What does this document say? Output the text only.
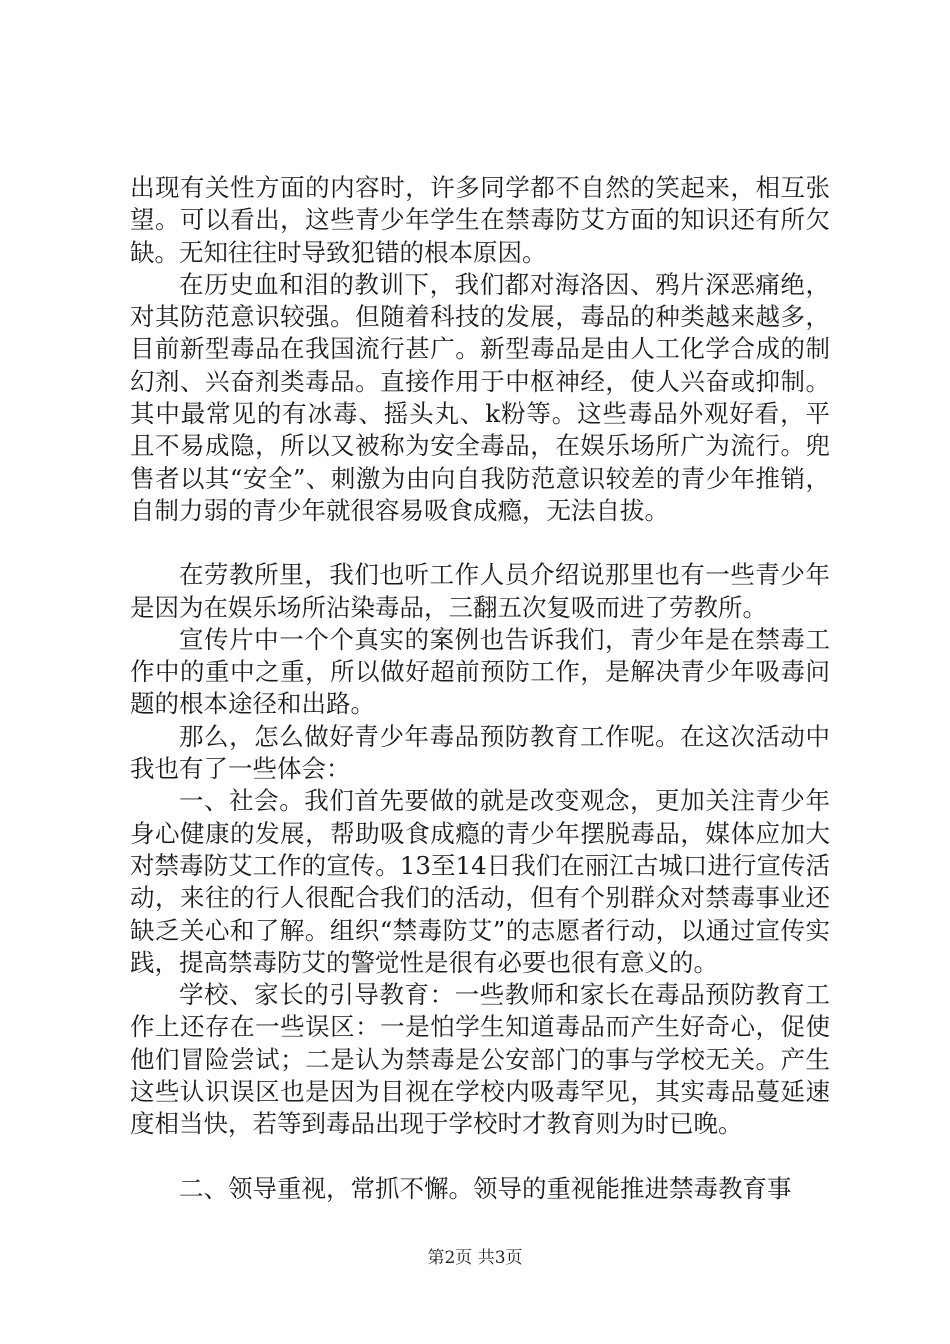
出现有关性方面的内容时，许多同学都不自然的笑起来，相互张望。可以看出，这些青少年学生在禁毒防艾方面的知识还有所欠缺。无知往往时导致犯错的根本原因。

在历史血和泪的教训下，我们都对海洛因、鸦片深恶痛绝，对其防范意识较强。但随着科技的发展，毒品的种类越来越多，目前新型毒品在我国流行甚广。新型毒品是由人工化学合成的制幻剂、兴奋剂类毒品。直接作用于中枢神经，使人兴奋或抑制。其中最常见的有冰毒、摇头丸、k粉等。这些毒品外观好看，平且不易成隐，所以又被称为安全毒品，在娱乐场所广为流行。兜售者以其“安全”、刺激为由向自我防范意识较差的青少年推销，自制力弱的青少年就很容易吸食成瘾，无法自拔。

在劳教所里，我们也听工作人员介绍说那里也有一些青少年是因为在娱乐场所沾染毒品，三翻五次复吸而进了劳教所。

宣传片中一个个真实的案例也告诉我们，青少年是在禁毒工作中的重中之重，所以做好超前预防工作，是解决青少年吸毒问题的根本途径和出路。

那么，怎么做好青少年毒品预防教育工作呢。在这次活动中我也有了一些体会：

一、社会。我们首先要做的就是改变观念，更加关注青少年身心健康的发展，帮助吸食成瘾的青少年摆脱毒品，媒体应加大对禁毒防艾工作的宣传。13至14日我们在丽江古城口进行宣传活动，来往的行人很配合我们的活动，但有个别群众对禁毒事业还缺乏关心和了解。组织“禁毒防艾”的志愿者行动，以通过宣传实践，提高禁毒防艾的警觉性是很有必要也很有意义的。

学校、家长的引导教育：一些教师和家长在毒品预防教育工作上还存在一些误区：一是怕学生知道毒品而产生好奇心，促使他们冒险尝试；二是认为禁毒是公安部门的事与学校无关。产生这些认识误区也是因为目视在学校内吸毒罕见，其实毒品蔓延速度相当快，若等到毒品出现于学校时才教育则为时已晚。

二、领导重视，常抓不懈。领导的重视能推进禁毒教育事

第2页 共3页
